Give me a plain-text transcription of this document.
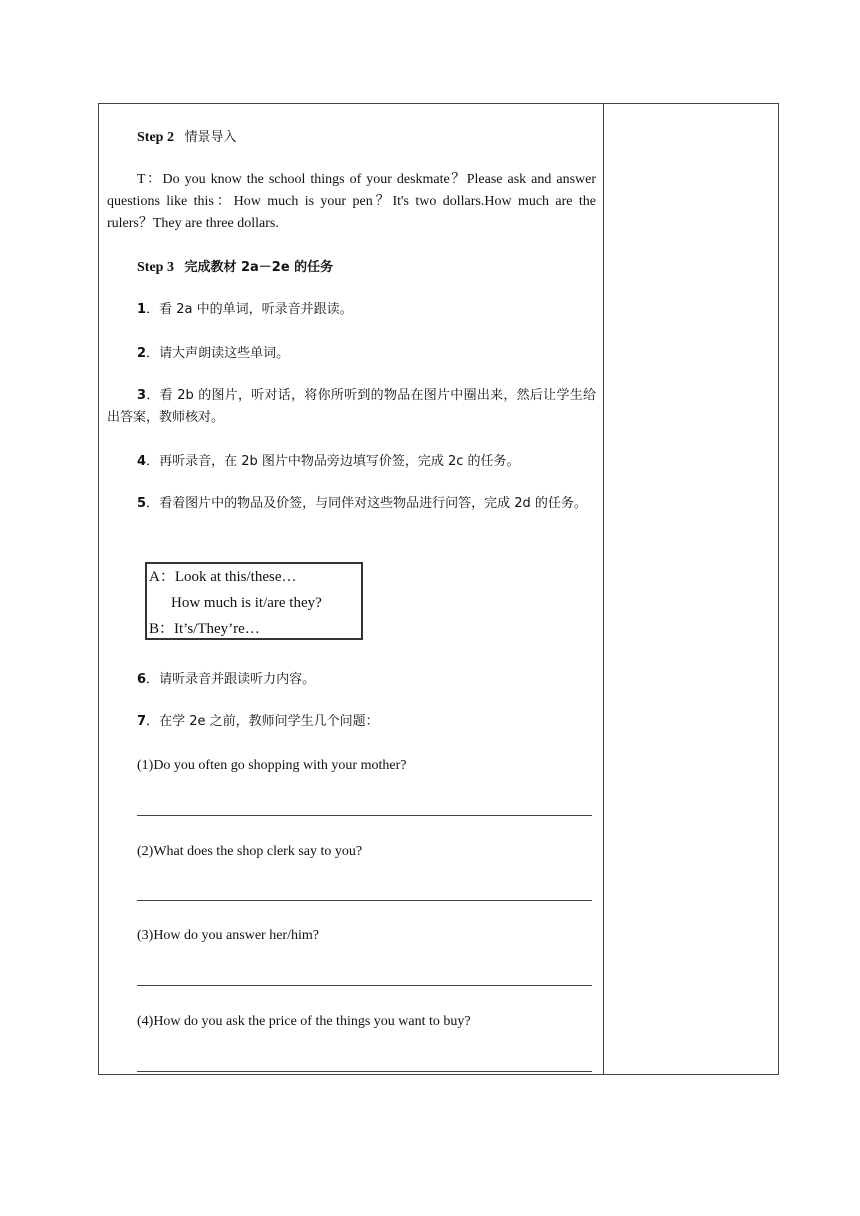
Step 2 情景导入
T：Do you know the school things of your deskmate？Please ask and answer questions like this：How much is your pen？It's two dollars.How much are the rulers？They are three dollars.
Step 3 完成教材 2a－2e 的任务
1．看 2a 中的单词，听录音并跟读。
2．请大声朗读这些单词。
3．看 2b 的图片，听对话，将你所听到的物品在图片中圈出来，然后让学生给出答案，教师核对。
4．再听录音，在 2b 图片中物品旁边填写价签，完成 2c 的任务。
5．看着图片中的物品及价签，与同伴对这些物品进行问答，完成 2d 的任务。
6．请听录音并跟读听力内容。
7．在学 2e 之前，教师问学生几个问题：
(1)Do you often go shopping with your mother?
(2)What does the shop clerk say to you?
(3)How do you answer her/him?
(4)How do you ask the price of the things you want to buy?
A：Look at this/these…
How much is it/are they?
B：It’s/They’re…
